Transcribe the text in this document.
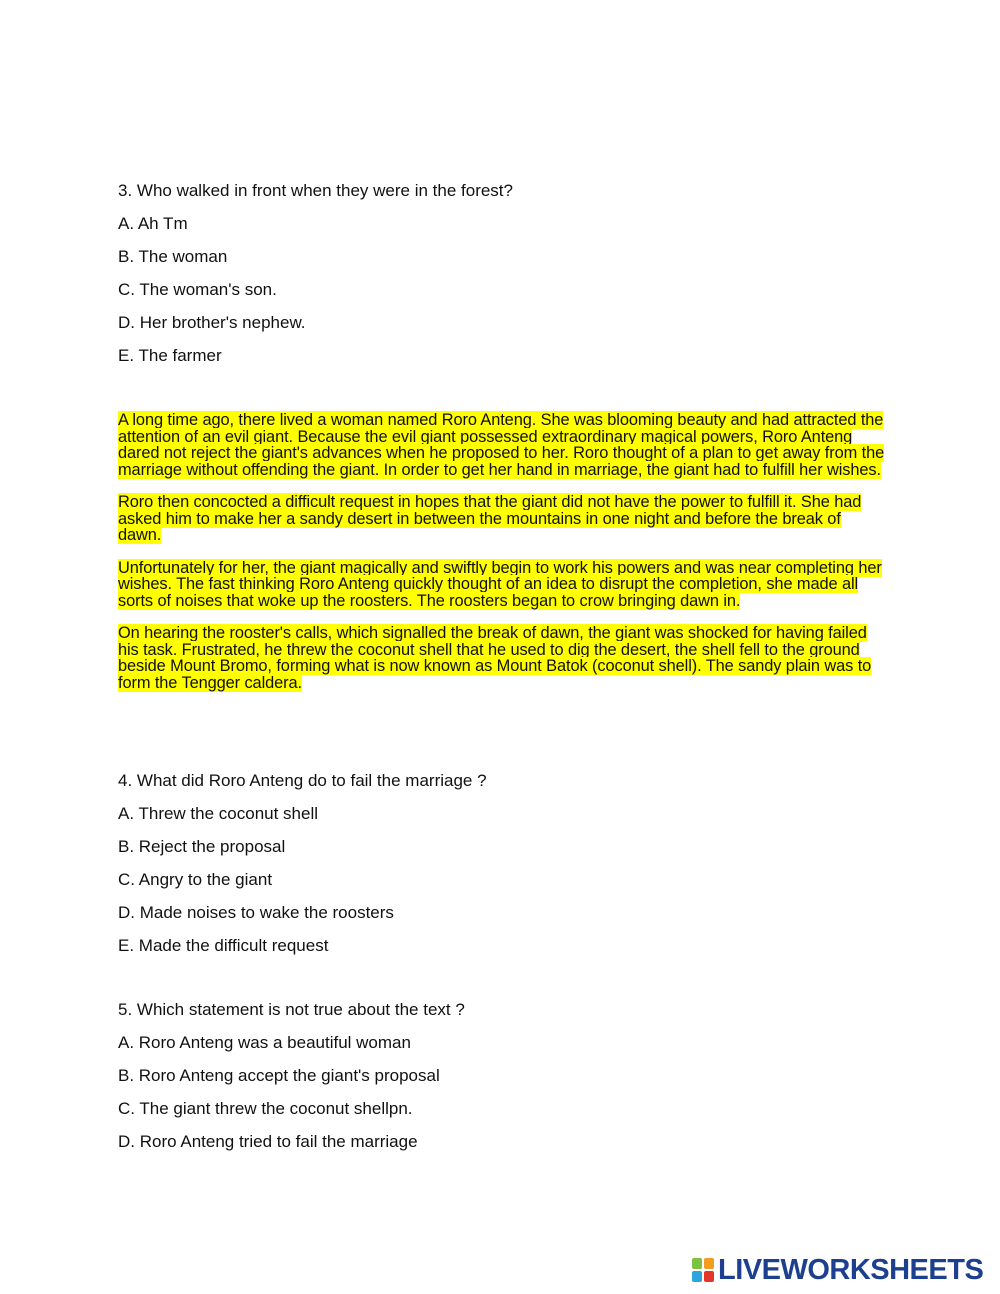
3. Who walked in front when they were in the forest?
A. Ah Tm
B. The woman
C. The woman's son.
D. Her brother's nephew.
E. The farmer

A long time ago, there lived a woman named Roro Anteng. She was blooming beauty and had attracted the attention of an evil giant. Because the evil giant possessed extraordinary magical powers, Roro Anteng dared not reject the giant's advances when he proposed to her. Roro thought of a plan to get away from the marriage without offending the giant. In order to get her hand in marriage, the giant had to fulfill her wishes.

Roro then concocted a difficult request in hopes that the giant did not have the power to fulfill it. She had asked him to make her a sandy desert in between the mountains in one night and before the break of dawn.

Unfortunately for her, the giant magically and swiftly begin to work his powers and was near completing her wishes. The fast thinking Roro Anteng quickly thought of an idea to disrupt the completion, she made all sorts of noises that woke up the roosters. The roosters began to crow bringing dawn in.

On hearing the rooster's calls, which signalled the break of dawn, the giant was shocked for having failed his task. Frustrated, he threw the coconut shell that he used to dig the desert, the shell fell to the ground beside Mount Bromo, forming what is now known as Mount Batok (coconut shell). The sandy plain was to form the Tengger caldera.

4. What did Roro Anteng do to fail the marriage ?
A. Threw the coconut shell
B. Reject the proposal
C. Angry to the giant
D. Made noises to wake the roosters
E. Made the difficult request
5. Which statement is not true about the text ?
A. Roro Anteng was a beautiful woman
B. Roro Anteng accept the giant's proposal
C. The giant threw the coconut shellpn.
D. Roro Anteng tried to fail the marriage
LIVEWORKSHEETS
